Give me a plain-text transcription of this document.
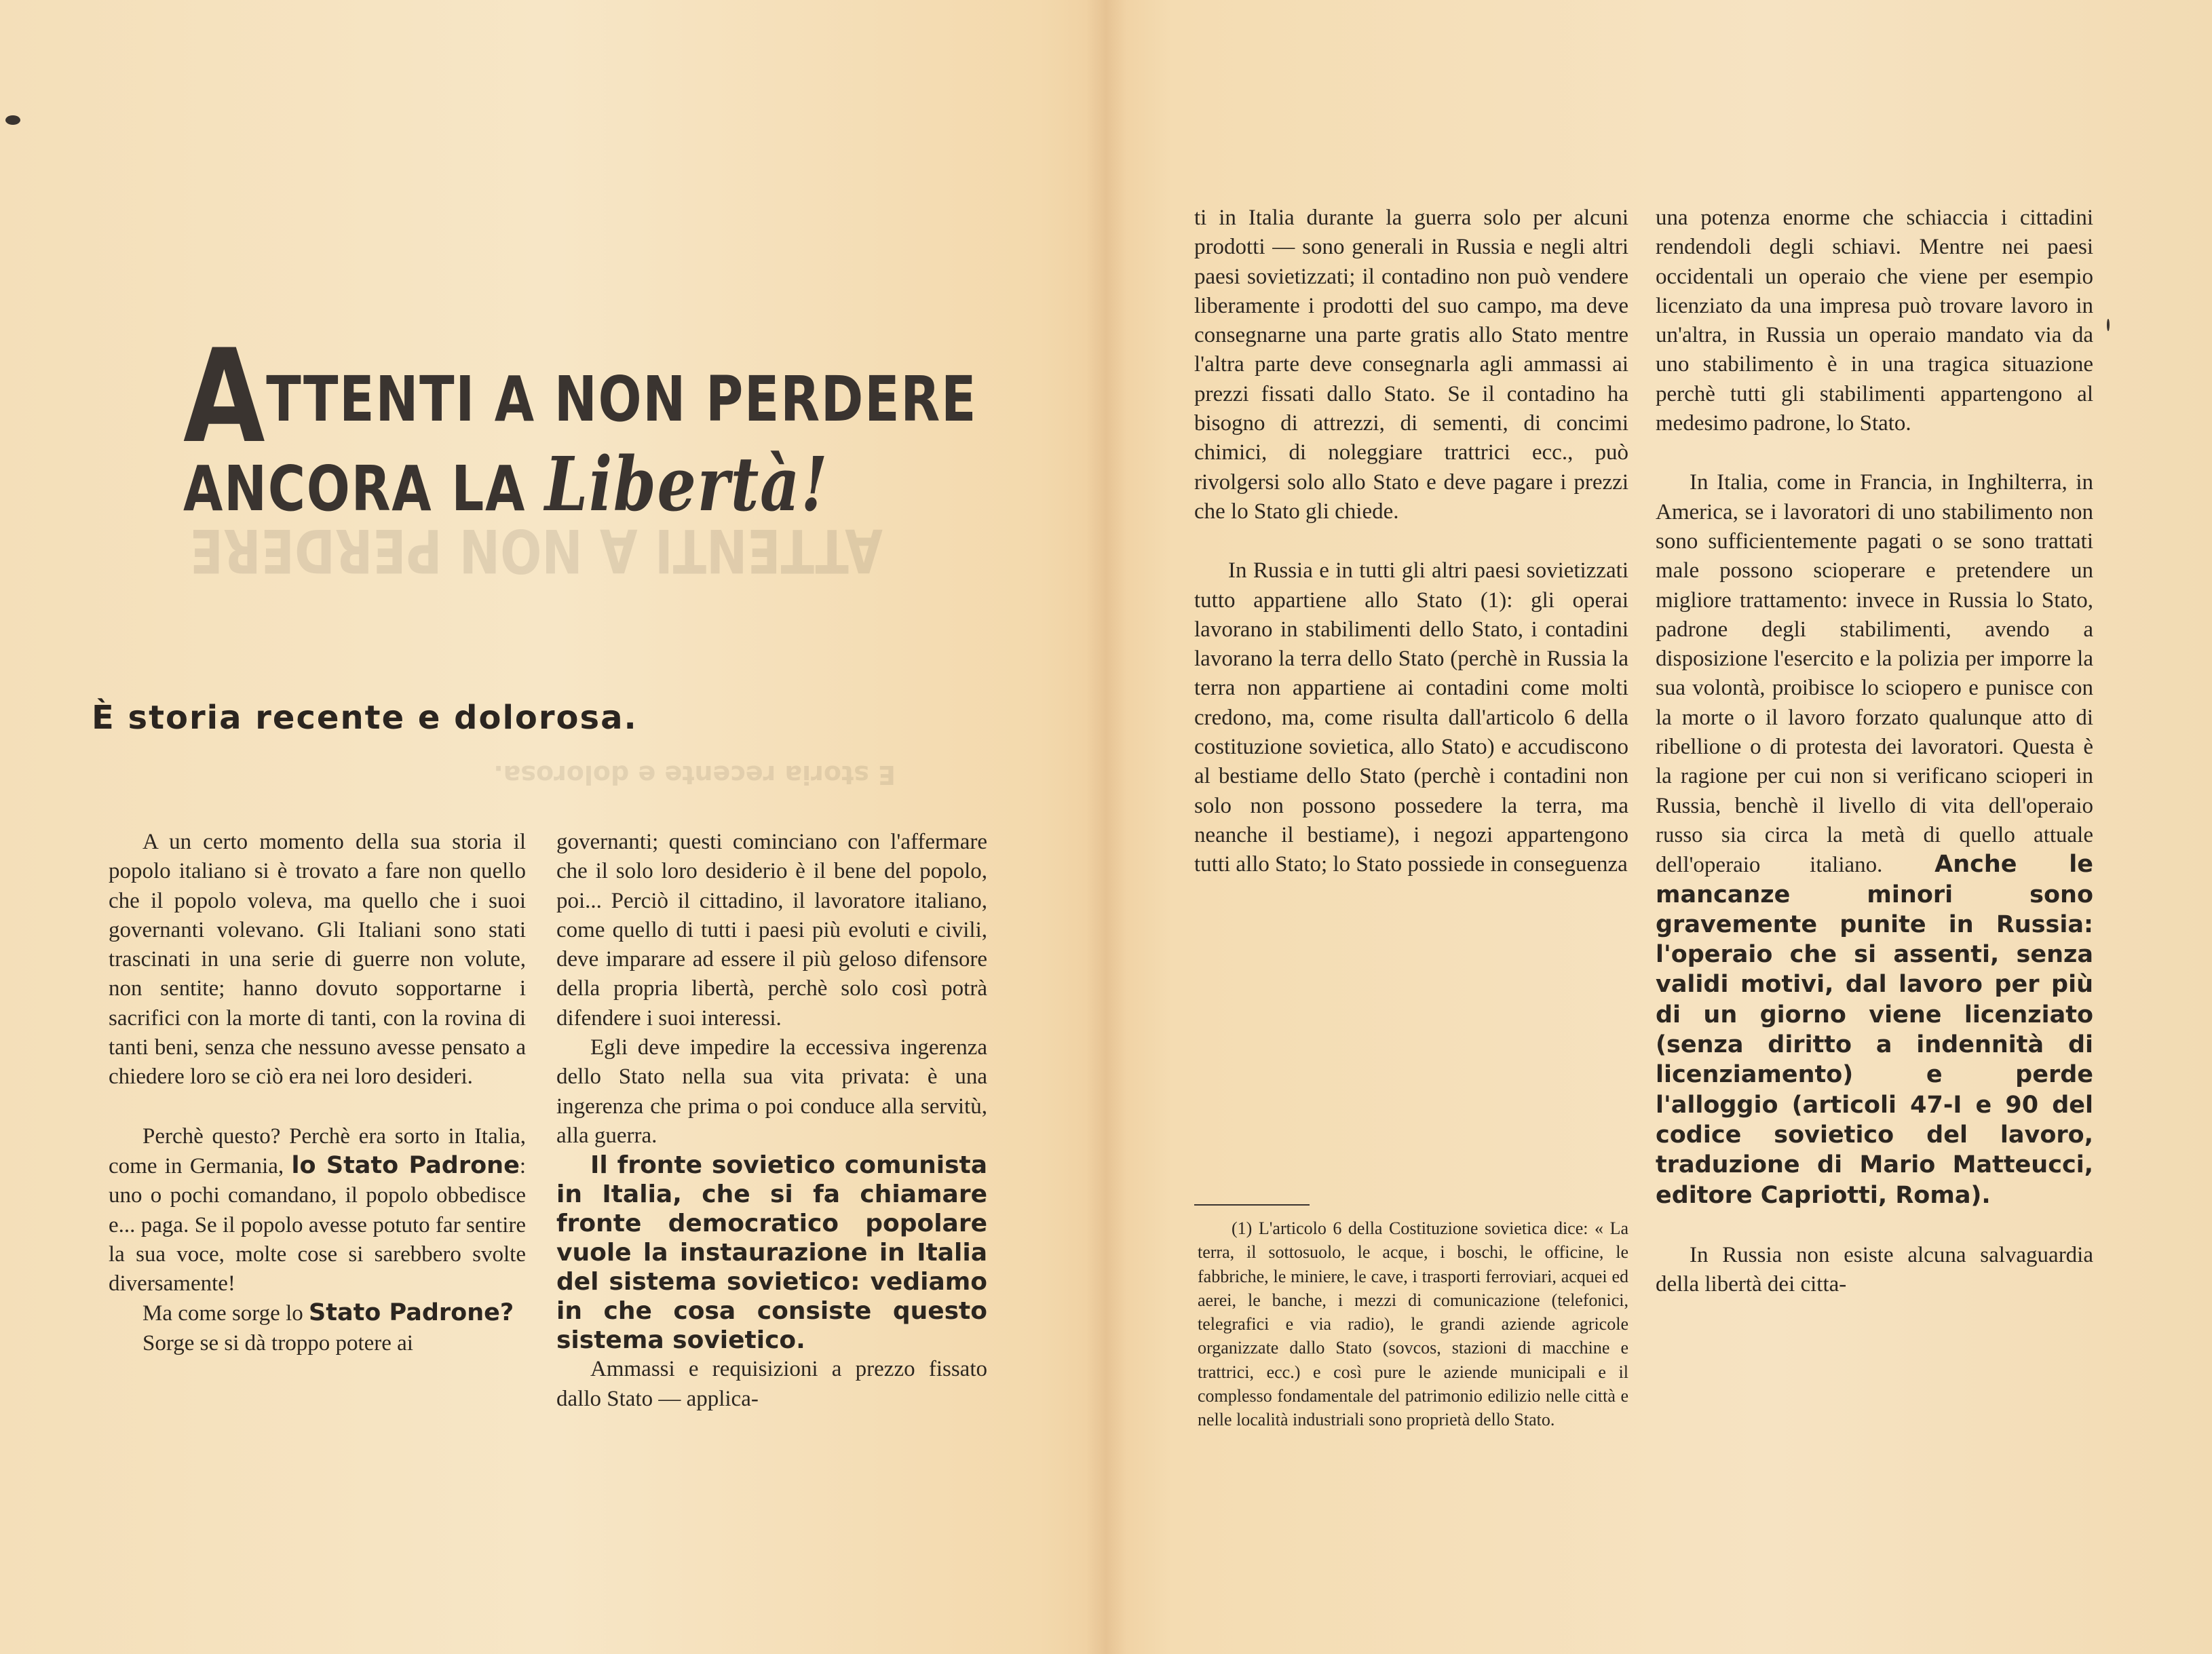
ATTENTI A NON PERDERE
ATTENTI A NON PERDERE
ANCORA LA Libertà!
È storia recente e dolorosa.
E storia recente e dolorosa.

A un certo momento della sua storia il popolo italiano si è trovato a fare non quello che il popolo voleva, ma quello che i suoi governanti volevano. Gli Italiani sono stati trascinati in una serie di guerre non volute, non sentite; hanno dovuto sopportarne i sacrifici con la morte di tanti, con la rovina di tanti beni, senza che nessuno avesse pensato a chiedere loro se ciò era nei loro desideri.

Perchè questo? Perchè era sorto in Italia, come in Germania, lo Stato Padrone: uno o pochi comandano, il popolo obbedisce e... paga. Se il popolo avesse potuto far sentire la sua voce, molte cose si sarebbero svolte diversamente!

Ma come sorge lo Stato Padrone?

Sorge se si dà troppo potere ai

governanti; questi cominciano con l'affermare che il solo loro desiderio è il bene del popolo, poi... Perciò il cittadino, il lavoratore italiano, come quello di tutti i paesi più evoluti e civili, deve imparare ad essere il più geloso difensore della propria libertà, perchè solo così potrà difendere i suoi interessi.

Egli deve impedire la eccessiva ingerenza dello Stato nella sua vita privata: è una ingerenza che prima o poi conduce alla servitù, alla guerra.

Il fronte sovietico comunista in Italia, che si fa chiamare fronte democratico popolare vuole la instaurazione in Italia del sistema sovietico: vediamo in che cosa consiste questo sistema sovietico.

Ammassi e requisizioni a prezzo fissato dallo Stato — applica-

ti in Italia durante la guerra solo per alcuni prodotti — sono generali in Russia e negli altri paesi sovietizzati; il contadino non può vendere liberamente i prodotti del suo campo, ma deve consegnarne una parte gratis allo Stato mentre l'altra parte deve consegnarla agli ammassi ai prezzi fissati dallo Stato. Se il contadino ha bisogno di attrezzi, di sementi, di concimi chimici, di noleggiare trattrici ecc., può rivolgersi solo allo Stato e deve pagare i prezzi che lo Stato gli chiede.

In Russia e in tutti gli altri paesi sovietizzati tutto appartiene allo Stato (1): gli operai lavorano in stabilimenti dello Stato, i contadini lavorano la terra dello Stato (perchè in Russia la terra non appartiene ai contadini come molti credono, ma, come risulta dall'articolo 6 della costituzione sovietica, allo Stato) e accudiscono al bestiame dello Stato (perchè i contadini non solo non possono possedere la terra, ma neanche il bestiame), i negozi appartengono tutti allo Stato; lo Stato possiede in conseguenza

(1) L'articolo 6 della Costituzione sovietica dice: « La terra, il sottosuolo, le acque, i boschi, le officine, le fabbriche, le miniere, le cave, i trasporti ferroviari, acquei ed aerei, le banche, i mezzi di comunicazione (telefonici, telegrafici e via radio), le grandi aziende agricole organizzate dallo Stato (sovcos, stazioni di macchine e trattrici, ecc.) e così pure le aziende municipali e il complesso fondamentale del patrimonio edilizio nelle città e nelle località industriali sono proprietà dello Stato.

una potenza enorme che schiaccia i cittadini rendendoli degli schiavi. Mentre nei paesi occidentali un operaio che viene per esempio licenziato da una impresa può trovare lavoro in un'altra, in Russia un operaio mandato via da uno stabilimento è in una tragica situazione perchè tutti gli stabilimenti appartengono al medesimo padrone, lo Stato.

In Italia, come in Francia, in Inghilterra, in America, se i lavoratori di uno stabilimento non sono sufficientemente pagati o se sono trattati male possono scioperare e pretendere un migliore trattamento: invece in Russia lo Stato, padrone degli stabilimenti, avendo a disposizione l'esercito e la polizia per imporre la sua volontà, proibisce lo sciopero e punisce con la morte o il lavoro forzato qualunque atto di ribellione o di protesta dei lavoratori. Questa è la ragione per cui non si verificano scioperi in Russia, benchè il livello di vita dell'operaio russo sia circa la metà di quello attuale dell'operaio italiano. Anche le mancanze minori sono gravemente punite in Russia: l'operaio che si assenti, senza validi motivi, dal lavoro per più di un giorno viene licenziato (senza diritto a indennità di licenziamento) e perde l'alloggio (articoli 47-I e 90 del codice sovietico del lavoro, traduzione di Mario Matteucci, editore Capriotti, Roma).

In Russia non esiste alcuna salvaguardia della libertà dei citta-
